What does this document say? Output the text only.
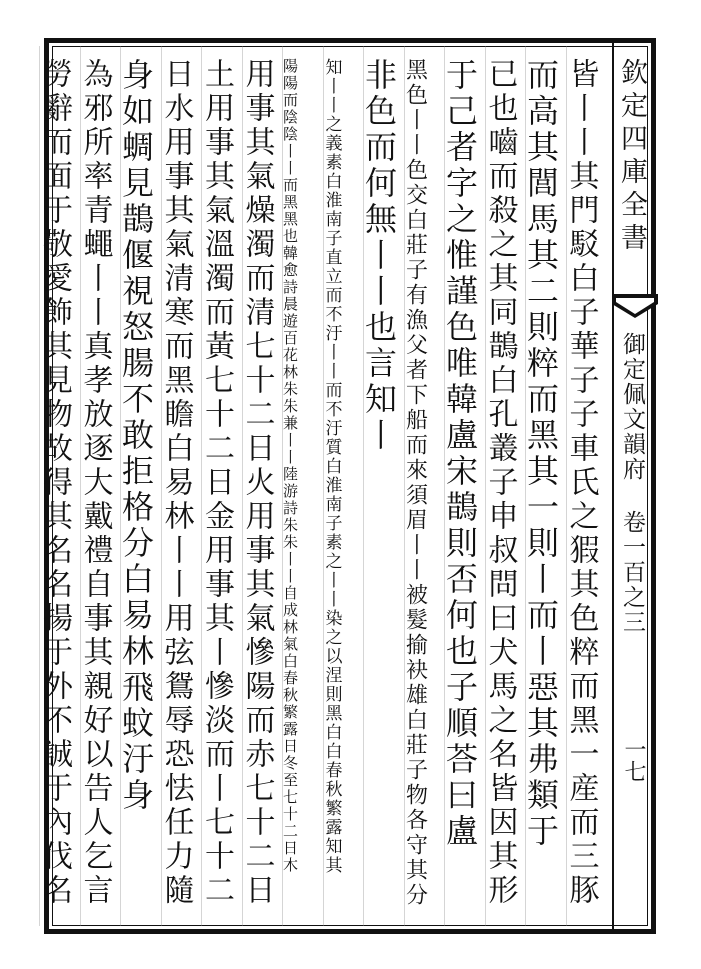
欽定四庫全書
御定佩文韻府 卷一百之三
一七
皆丨丨其門駁白子華子子車氏之猳其色粹而黑一産而三豚
而高其閭馬其二則粹而黑其一則丨而丨惡其弗類于
已也嚙而殺之其同鵲白孔叢子申叔問曰犬馬之名皆因其形
于己者字之惟謹色唯韓盧宋鵲則否何也子順荅曰盧
黑色丨丨色交白莊子有漁父者下船而來須眉丨丨被髮揄袂雄白莊子物各守其分
非色而何無丨丨也言知丨
知丨丨之義素白淮南子直立而不汙丨丨而不汙質白淮南子素之丨丨染之以涅則黑白白春秋繁露知其
陽陽而陰陰丨丨而黑黑也韓愈詩晨遊百花林朱朱兼丨丨陸游詩朱朱丨丨自成林氣白春秋繁露日冬至七十二日木
用事其氣燥濁而清七十二日火用事其氣慘陽而赤七十二日
土用事其氣溫濁而黃七十二日金用事其丨慘淡而丨七十二
日水用事其氣清寒而黑瞻白易林丨丨用弦鴛辱恐怯任力隨
身如蜩見鵲偃視怒腸不敢拒格分白易林飛蚊汙身
為邪所率青蠅丨丨真孝放逐大戴禮自事其親好以告人乞言
勞辭而面于敬愛飾其見物故得其名名揚于外不誠于內伐名
